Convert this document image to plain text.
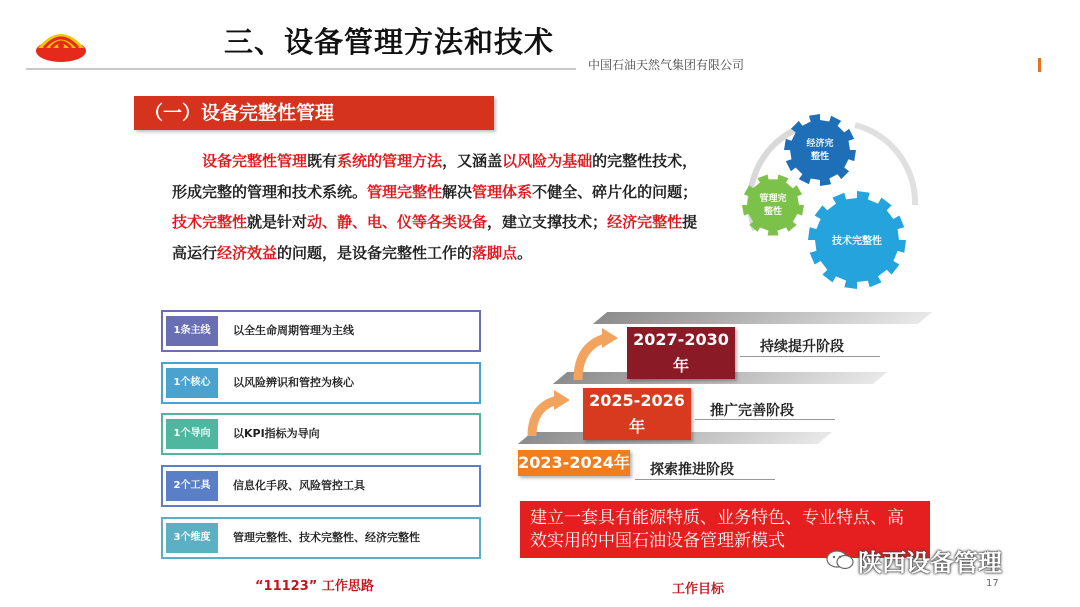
三、设备管理方法和技术
中国石油天然气集团有限公司
（一）设备完整性管理
　　设备完整性管理既有系统的管理方法，又涵盖以风险为基础的完整性技术，形成完整的管理和技术系统。管理完整性解决管理体系不健全、碎片化的问题；技术完整性就是针对动、静、电、仪等各类设备，建立支撑技术；经济完整性提高运行经济效益的问题，是设备完整性工作的落脚点。
经济完
整性
管理完
整性
技术完整性
1条主线	以全生命周期管理为主线
1个核心	以风险辨识和管控为核心
1个导向	以KPI指标为导向
2个工具	信息化手段、风险管控工具
3个维度	管理完整性、技术完整性、经济完整性
“11123” 工作思路
2027-2030年
持续提升阶段
2025-2026年
推广完善阶段
2023-2024年 探索推进阶段
建立一套具有能源特质、业务特色、专业特点、高效实用的中国石油设备管理新模式
工作目标
陕西设备管理
17
